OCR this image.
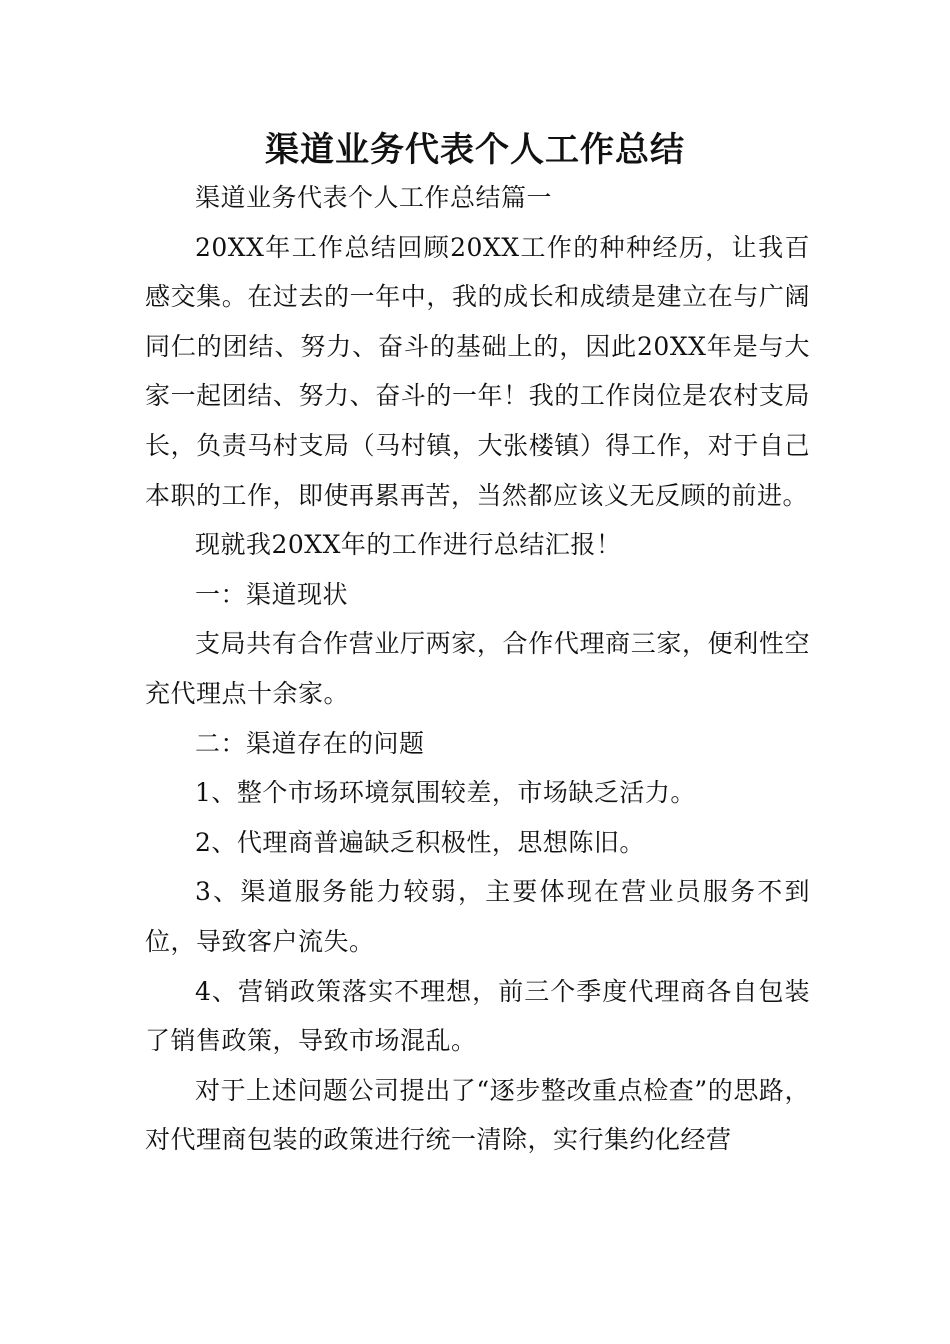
渠道业务代表个人工作总结

渠道业务代表个人工作总结篇一

20XX年工作总结回顾20XX工作的种种经历，让我百感交集。在过去的一年中，我的成长和成绩是建立在与广阔同仁的团结、努力、奋斗的基础上的，因此20XX年是与大家一起团结、努力、奋斗的一年！我的工作岗位是农村支局长，负责马村支局（马村镇，大张楼镇）得工作，对于自己本职的工作，即使再累再苦，当然都应该义无反顾的前进。

现就我20XX年的工作进行总结汇报！

一：渠道现状

支局共有合作营业厅两家，合作代理商三家，便利性空充代理点十余家。

二：渠道存在的问题

1、整个市场环境氛围较差，市场缺乏活力。

2、代理商普遍缺乏积极性，思想陈旧。

3、渠道服务能力较弱，主要体现在营业员服务不到位，导致客户流失。

4、营销政策落实不理想，前三个季度代理商各自包装了销售政策，导致市场混乱。

对于上述问题公司提出了“逐步整改重点检查”的思路，对代理商包装的政策进行统一清除，实行集约化经营
